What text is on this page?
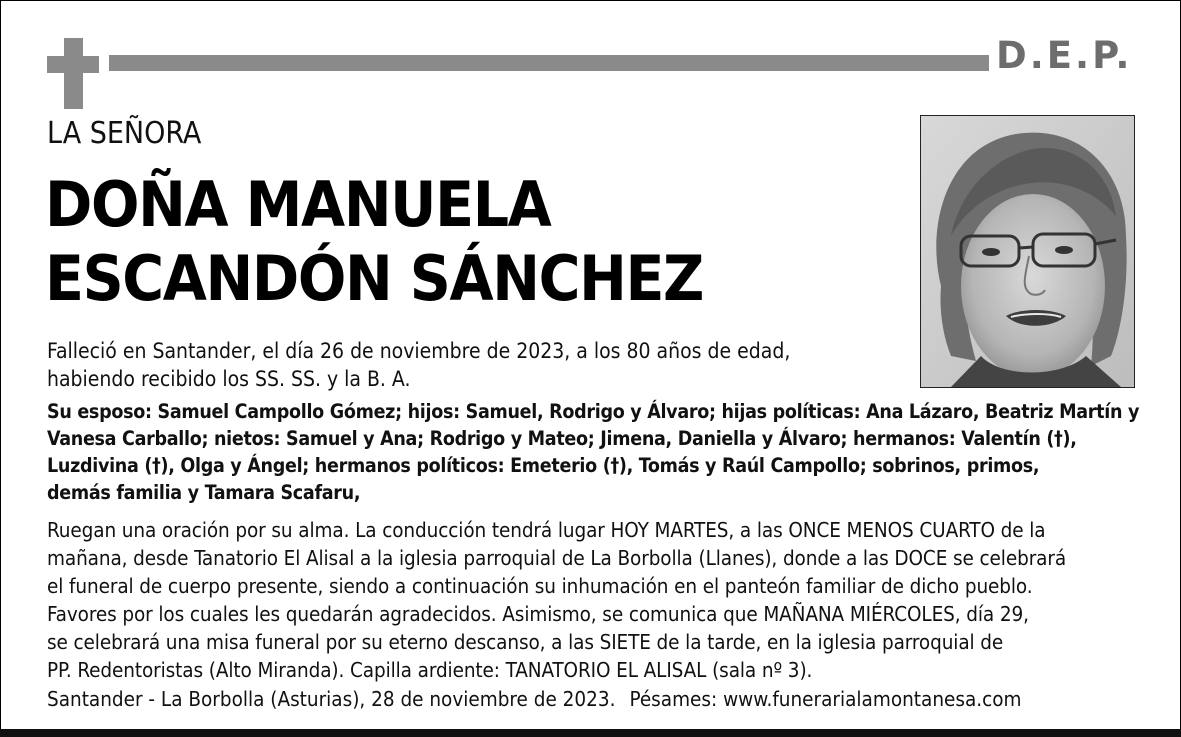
D.E.P.
LA SEÑORA
DOÑA MANUELA
ESCANDÓN SÁNCHEZ

Falleció en Santander, el día 26 de noviembre de 2023, a los 80 años de edad,

habiendo recibido los SS. SS. y la B. A.

Su esposo: Samuel Campollo Gómez; hijos: Samuel, Rodrigo y Álvaro; hijas políticas: Ana Lázaro, Beatriz Martín y

Vanesa Carballo; nietos: Samuel y Ana; Rodrigo y Mateo; Jimena, Daniella y Álvaro; hermanos: Valentín (†),

Luzdivina (†), Olga y Ángel; hermanos políticos: Emeterio (†), Tomás y Raúl Campollo; sobrinos, primos,

demás familia y Tamara Scafaru,

Ruegan una oración por su alma. La conducción tendrá lugar HOY MARTES, a las ONCE MENOS CUARTO de la

mañana, desde Tanatorio El Alisal a la iglesia parroquial de La Borbolla (Llanes), donde a las DOCE se celebrará

el funeral de cuerpo presente, siendo a continuación su inhumación en el panteón familiar de dicho pueblo.

Favores por los cuales les quedarán agradecidos. Asimismo, se comunica que MAÑANA MIÉRCOLES, día 29,

se celebrará una misa funeral por su eterno descanso, a las SIETE de la tarde, en la iglesia parroquial de

PP. Redentoristas (Alto Miranda). Capilla ardiente: TANATORIO EL ALISAL (sala nº 3).

Santander - La Borbolla (Asturias), 28 de noviembre de 2023. Pésames: www.funerarialamontanesa.com
